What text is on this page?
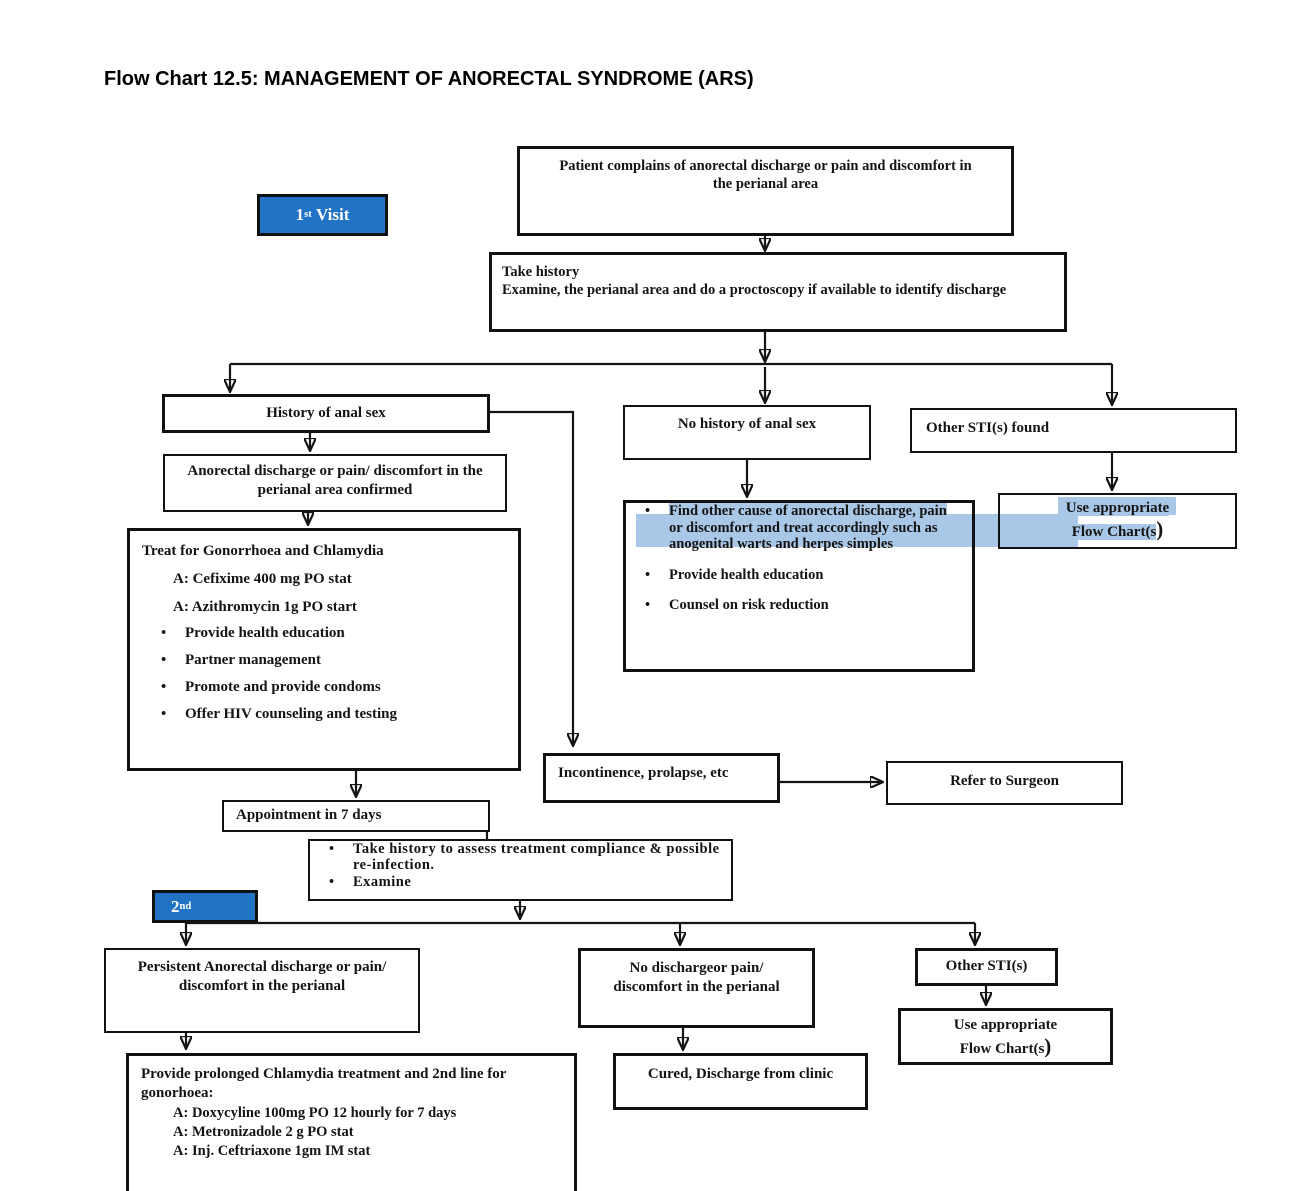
Flow Chart 12.5: MANAGEMENT OF ANORECTAL SYNDROME (ARS)
Patient complains of anorectal discharge or pain and discomfort in
the perianal area
1 st
Visit
Take history
Examine, the perianal area and do a proctoscopy if available to identify discharge
History of anal sex
No history of anal sex	Other STI(s) found
Anorectal discharge or pain/ discomfort in the
perianal area confirmed
Treat for Gonorrhoea and Chlamydia
A: Cefixime 400 mg PO stat
A: Azithromycin 1g PO start
• Provide health education
• Partner management
• Promote and provide condoms
• Offer HIV counseling and testing
• Find other cause of anorectal discharge, pain
or discomfort and treat accordingly such as
anogenital warts and herpes simples
• Provide health education
• Counsel on risk reduction
Use appropriate
Flow Chart(s)
Incontinence, prolapse, etc	Refer to Surgeon
Appointment in 7 days
• Take history to assess treatment compliance & possible
re-infection.
• Examine
2 nd
Persistent Anorectal discharge or pain/
discomfort in the perianal
No dischargeor pain/
discomfort in the perianal
Other STI(s)
Use appropriate
Flow Chart(s)
Provide prolonged Chlamydia treatment and 2nd line for
gonorhoea:
A: Doxycyline 100mg PO 12 hourly for 7 days
A: Metronizadole 2 g PO stat
A: Inj. Ceftriaxone 1gm IM stat
Cured, Discharge from clinic
